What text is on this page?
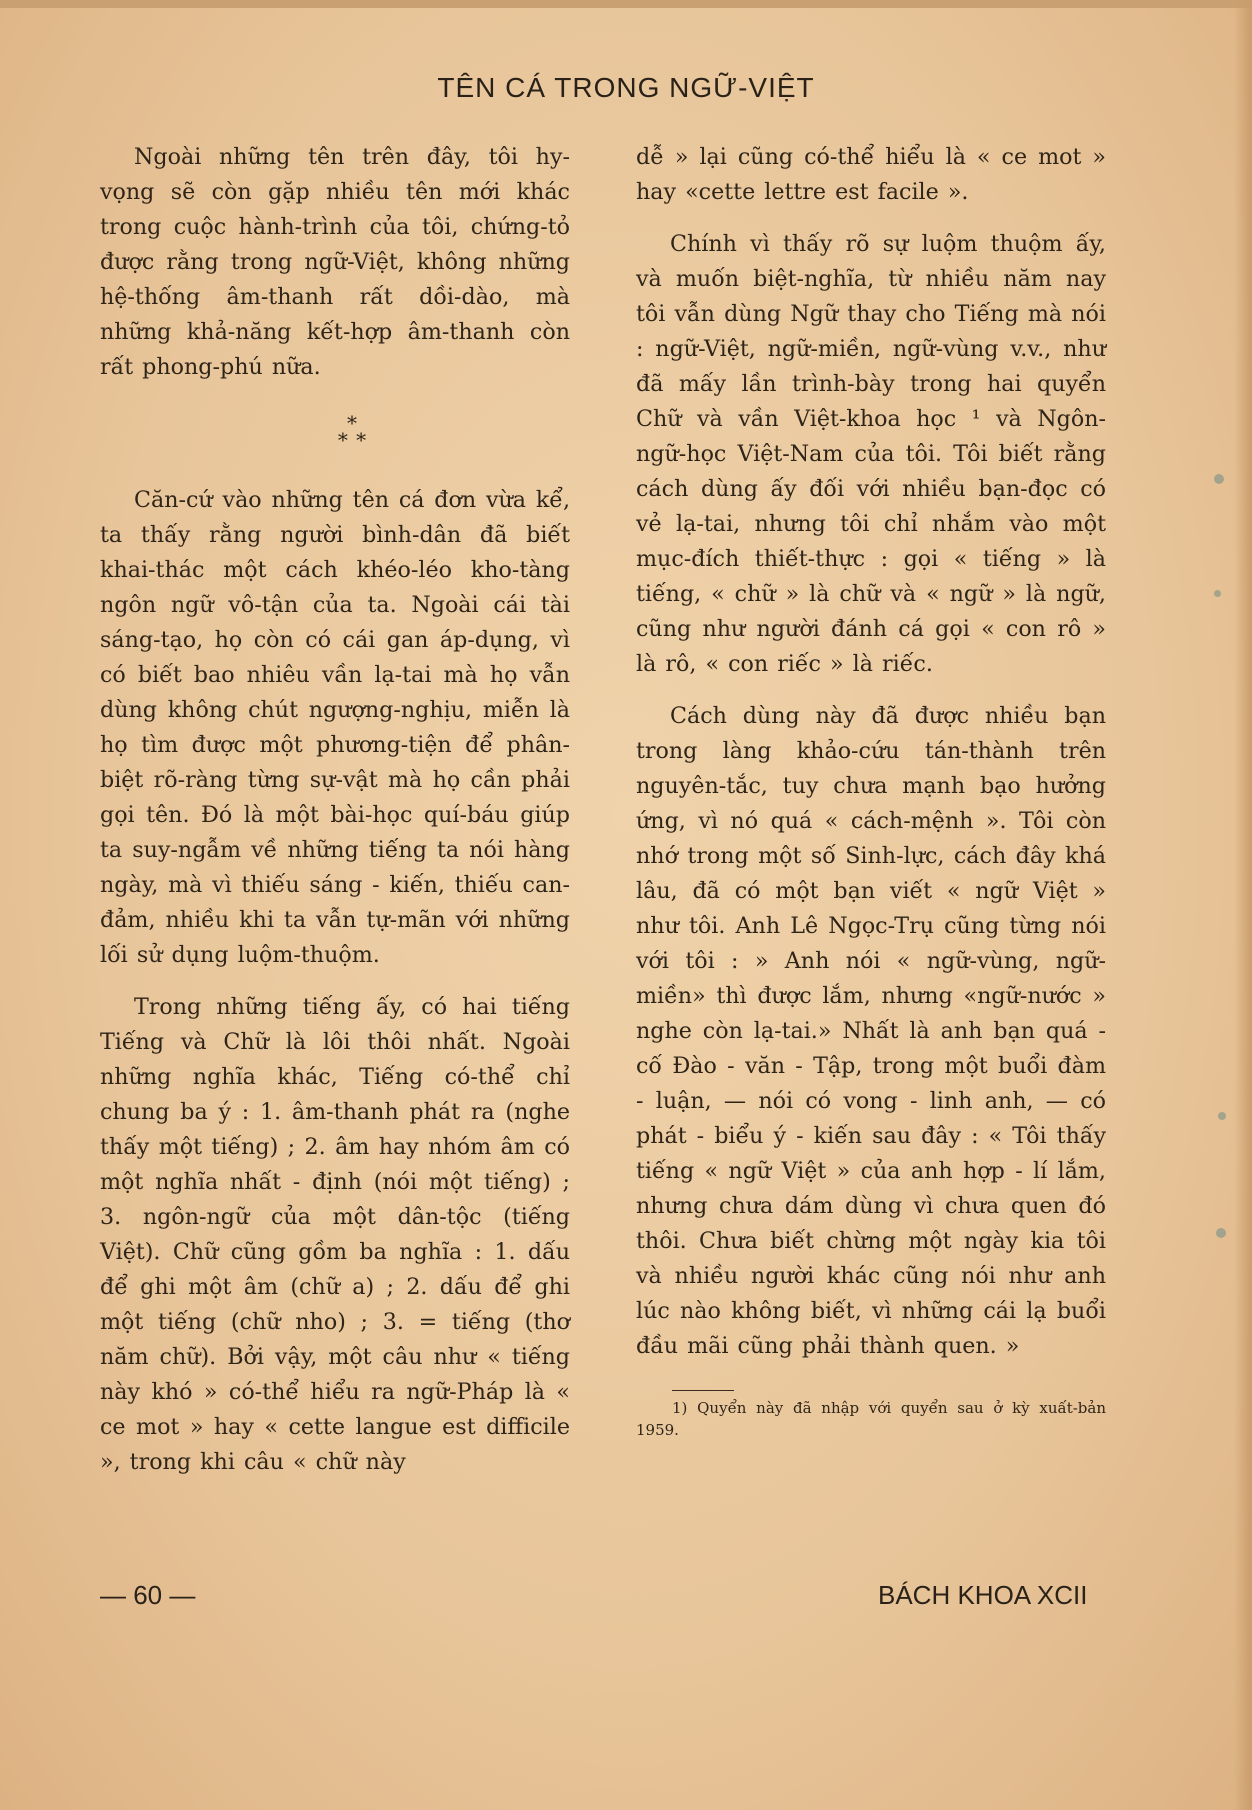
TÊN CÁ TRONG NGỮ-VIỆT

Ngoài những tên trên đây, tôi hy-vọng sẽ còn gặp nhiều tên mới khác trong cuộc hành-trình của tôi, chứng-tỏ được rằng trong ngữ-Việt, không những hệ-thống âm-thanh rất dồi-dào, mà những khả-năng kết-hợp âm-thanh còn rất phong-phú nữa.

*
* *

Căn-cứ vào những tên cá đơn vừa kể, ta thấy rằng người bình-dân đã biết khai-thác một cách khéo-léo kho-tàng ngôn ngữ vô-tận của ta. Ngoài cái tài sáng-tạo, họ còn có cái gan áp-dụng, vì có biết bao nhiêu vần lạ-tai mà họ vẫn dùng không chút ngượng-nghịu, miễn là họ tìm được một phương-tiện để phân-biệt rõ-ràng từng sự-vật mà họ cần phải gọi tên. Đó là một bài-học quí-báu giúp ta suy-ngẫm về những tiếng ta nói hàng ngày, mà vì thiếu sáng - kiến, thiếu can-đảm, nhiều khi ta vẫn tự-mãn với những lối sử dụng luộm-thuộm.

Trong những tiếng ấy, có hai tiếng Tiếng và Chữ là lôi thôi nhất. Ngoài những nghĩa khác, Tiếng có-thể chỉ chung ba ý : 1. âm-thanh phát ra (nghe thấy một tiếng) ; 2. âm hay nhóm âm có một nghĩa nhất - định (nói một tiếng) ; 3. ngôn-ngữ của một dân-tộc (tiếng Việt). Chữ cũng gồm ba nghĩa : 1. dấu để ghi một âm (chữ a) ; 2. dấu để ghi một tiếng (chữ nho) ; 3. = tiếng (thơ năm chữ). Bởi vậy, một câu như « tiếng này khó » có-thể hiểu ra ngữ-Pháp là « ce mot » hay « cette langue est difficile », trong khi câu « chữ này

dễ » lại cũng có-thể hiểu là « ce mot » hay «cette lettre est facile ».

Chính vì thấy rõ sự luộm thuộm ấy, và muốn biệt-nghĩa, từ nhiều năm nay tôi vẫn dùng Ngữ thay cho Tiếng mà nói : ngữ-Việt, ngữ-miền, ngữ-vùng v.v., như đã mấy lần trình-bày trong hai quyển Chữ và vần Việt-khoa học ¹ và Ngôn-ngữ-học Việt-Nam của tôi. Tôi biết rằng cách dùng ấy đối với nhiều bạn-đọc có vẻ lạ-tai, nhưng tôi chỉ nhắm vào một mục-đích thiết-thực : gọi « tiếng » là tiếng, « chữ » là chữ và « ngữ » là ngữ, cũng như người đánh cá gọi « con rô » là rô, « con riếc » là riếc.

Cách dùng này đã được nhiều bạn trong làng khảo-cứu tán-thành trên nguyên-tắc, tuy chưa mạnh bạo hưởng ứng, vì nó quá « cách-mệnh ». Tôi còn nhớ trong một số Sinh-lực, cách đây khá lâu, đã có một bạn viết « ngữ Việt » như tôi. Anh Lê Ngọc-Trụ cũng từng nói với tôi : » Anh nói « ngữ-vùng, ngữ-miền» thì được lắm, nhưng «ngữ-nước » nghe còn lạ-tai.» Nhất là anh bạn quá - cố Đào - văn - Tập, trong một buổi đàm - luận, — nói có vong - linh anh, — có phát - biểu ý - kiến sau đây : « Tôi thấy tiếng « ngữ Việt » của anh hợp - lí lắm, nhưng chưa dám dùng vì chưa quen đó thôi. Chưa biết chừng một ngày kia tôi và nhiều người khác cũng nói như anh lúc nào không biết, vì những cái lạ buổi đầu mãi cũng phải thành quen. »

1) Quyển này đã nhập với quyển sau ở kỳ xuất-bản 1959.
— 60 —	BÁCH KHOA XCII
